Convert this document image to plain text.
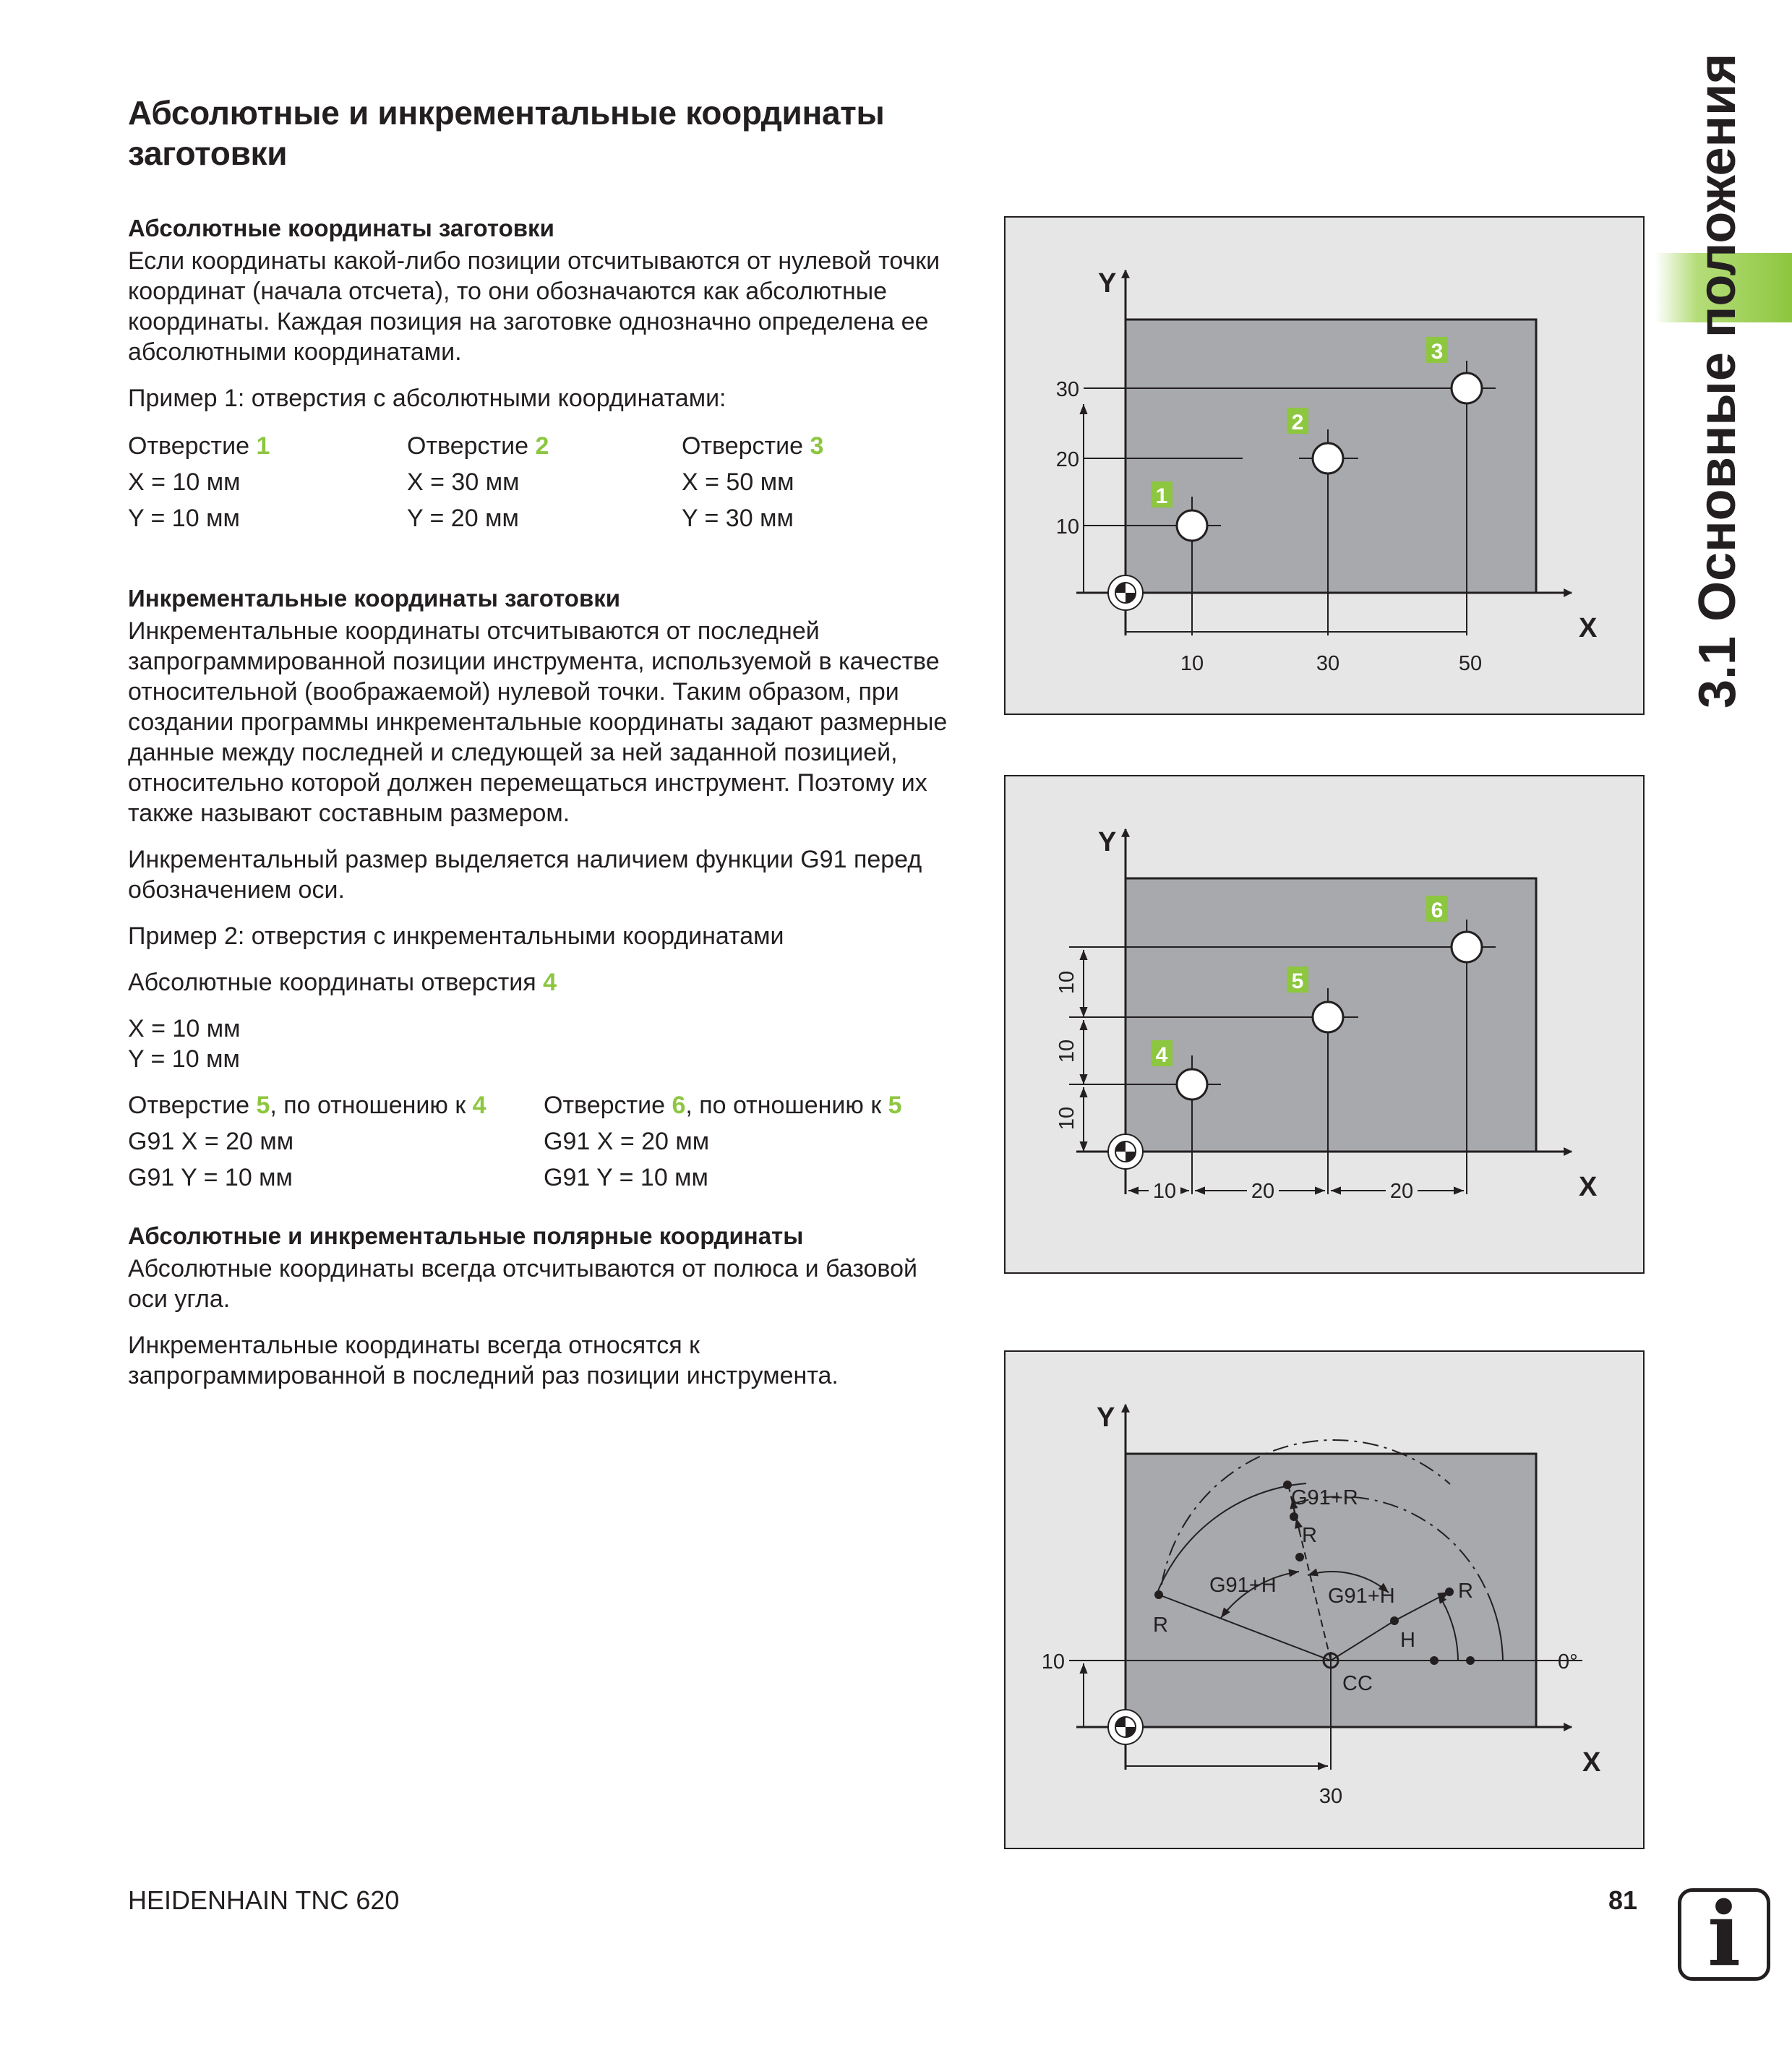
Абсолютные и инкрементальные координаты заготовки
Абсолютные координаты заготовки

Если координаты какой-либо позиции отсчитываются от нулевой точки координат (начала отсчета), то они обозначаются как абсолютные координаты. Каждая позиция на заготовке однозначно определена ее абсолютными координатами.

Пример 1: отверстия с абсолютными координатами:

Отверстие 1	Отверстие 2	Отверстие 3
X = 10 мм	X = 30 мм	X = 50 мм
Y = 10 мм	Y = 20 мм	Y = 30 мм
Инкрементальные координаты заготовки

Инкрементальные координаты отсчитываются от последней запрограммированной позиции инструмента, используемой в качестве относительной (воображаемой) нулевой точки. Таким образом, при создании программы инкрементальные координаты задают размерные данные между последней и следующей за ней заданной позицией, относительно которой должен перемещаться инструмент. Поэтому их также называют составным размером.

Инкрементальный размер выделяется наличием функции G91 перед обозначением оси.

Пример 2: отверстия с инкрементальными координатами

Абсолютные координаты отверстия 4

X = 10 мм

Y = 10 мм

Отверстие 5, по отношению к 4	Отверстие 6, по отношению к 5
G91 X = 20 мм	G91 X = 20 мм
G91 Y = 10 мм	G91 Y = 10 мм
Абсолютные и инкрементальные полярные координаты

Абсолютные координаты всегда отсчитываются от полюса и базовой оси угла.

Инкрементальные координаты всегда относятся к запрограммированной в последний раз позиции инструмента.

3.1 Основные положения
1
2
3
Y
X
10
20
30
10	30	50
4
5
6
Y
X
10
10
10
10	20	20
Y
X
10
30
CC
0°
G91+R
R
G91+H G91+H
R
R
H
HEIDENHAIN TNC 620	81 i
